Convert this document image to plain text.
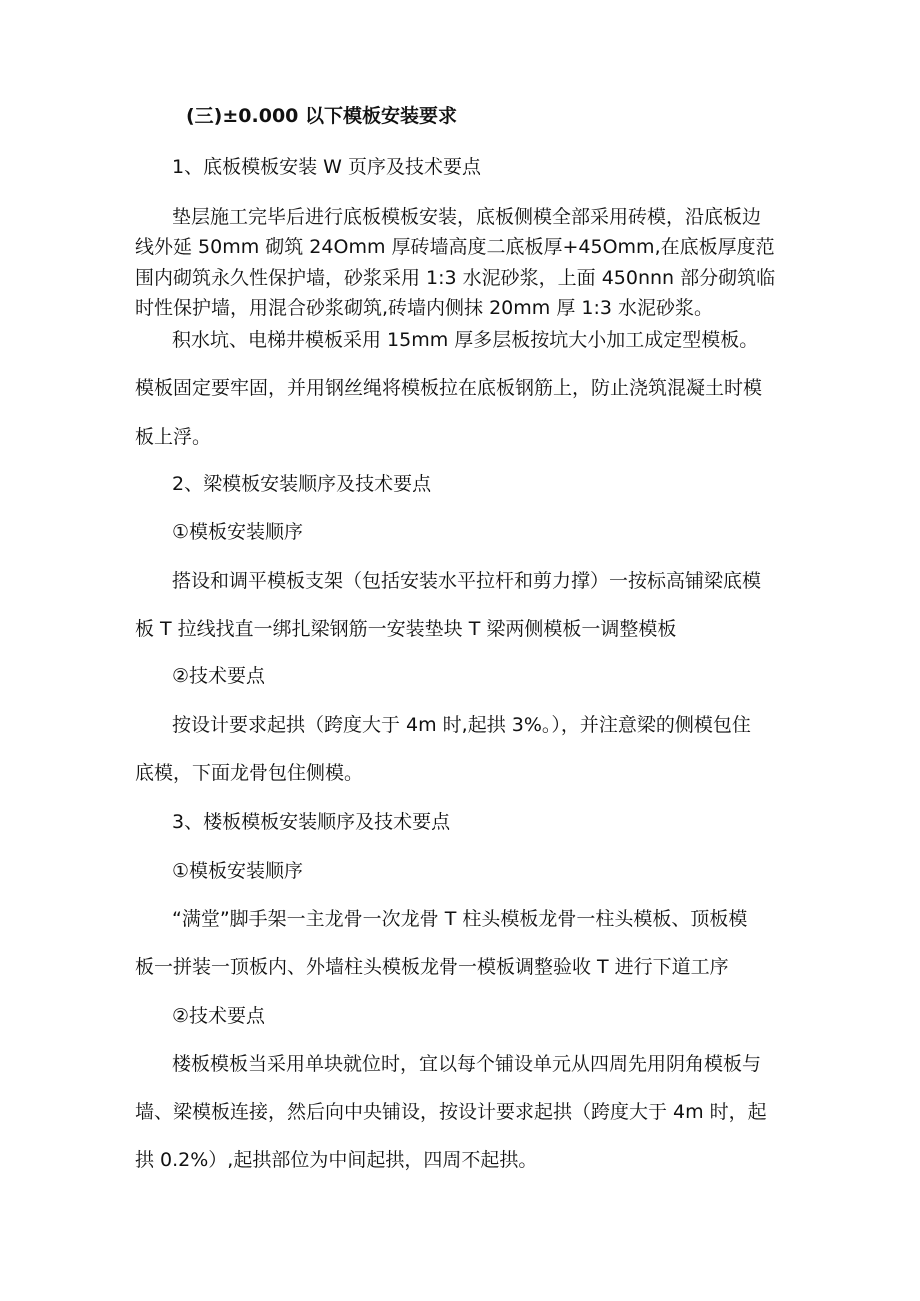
(三)±0.000 以下模板安装要求
1、底板模板安装 W 页序及技术要点
垫层施工完毕后进行底板模板安装，底板侧模全部采用砖模，沿底板边
线外延 50mm 砌筑 24Omm 厚砖墙高度二底板厚+45Omm,在底板厚度范
围内砌筑永久性保护墙，砂浆采用 1:3 水泥砂浆，上面 450nnn 部分砌筑临
时性保护墙，用混合砂浆砌筑,砖墙内侧抹 20mm 厚 1:3 水泥砂浆。
积水坑、电梯井模板采用 15mm 厚多层板按坑大小加工成定型模板。
模板固定要牢固，并用钢丝绳将模板拉在底板钢筋上，防止浇筑混凝土时模
板上浮。
2、梁模板安装顺序及技术要点
①模板安装顺序
搭设和调平模板支架（包括安装水平拉杆和剪力撑）一按标高铺梁底模
板 T 拉线找直一绑扎梁钢筋一安装垫块 T 梁两侧模板一调整模板
②技术要点
按设计要求起拱（跨度大于 4m 时,起拱 3%。），并注意梁的侧模包住
底模，下面龙骨包住侧模。
3、楼板模板安装顺序及技术要点
①模板安装顺序
“满堂”脚手架一主龙骨一次龙骨 T 柱头模板龙骨一柱头模板、顶板模
板一拼装一顶板内、外墙柱头模板龙骨一模板调整验收 T 进行下道工序
②技术要点
楼板模板当采用单块就位时，宜以每个铺设单元从四周先用阴角模板与
墙、梁模板连接，然后向中央铺设，按设计要求起拱（跨度大于 4m 时，起
拱 0.2%）,起拱部位为中间起拱，四周不起拱。
